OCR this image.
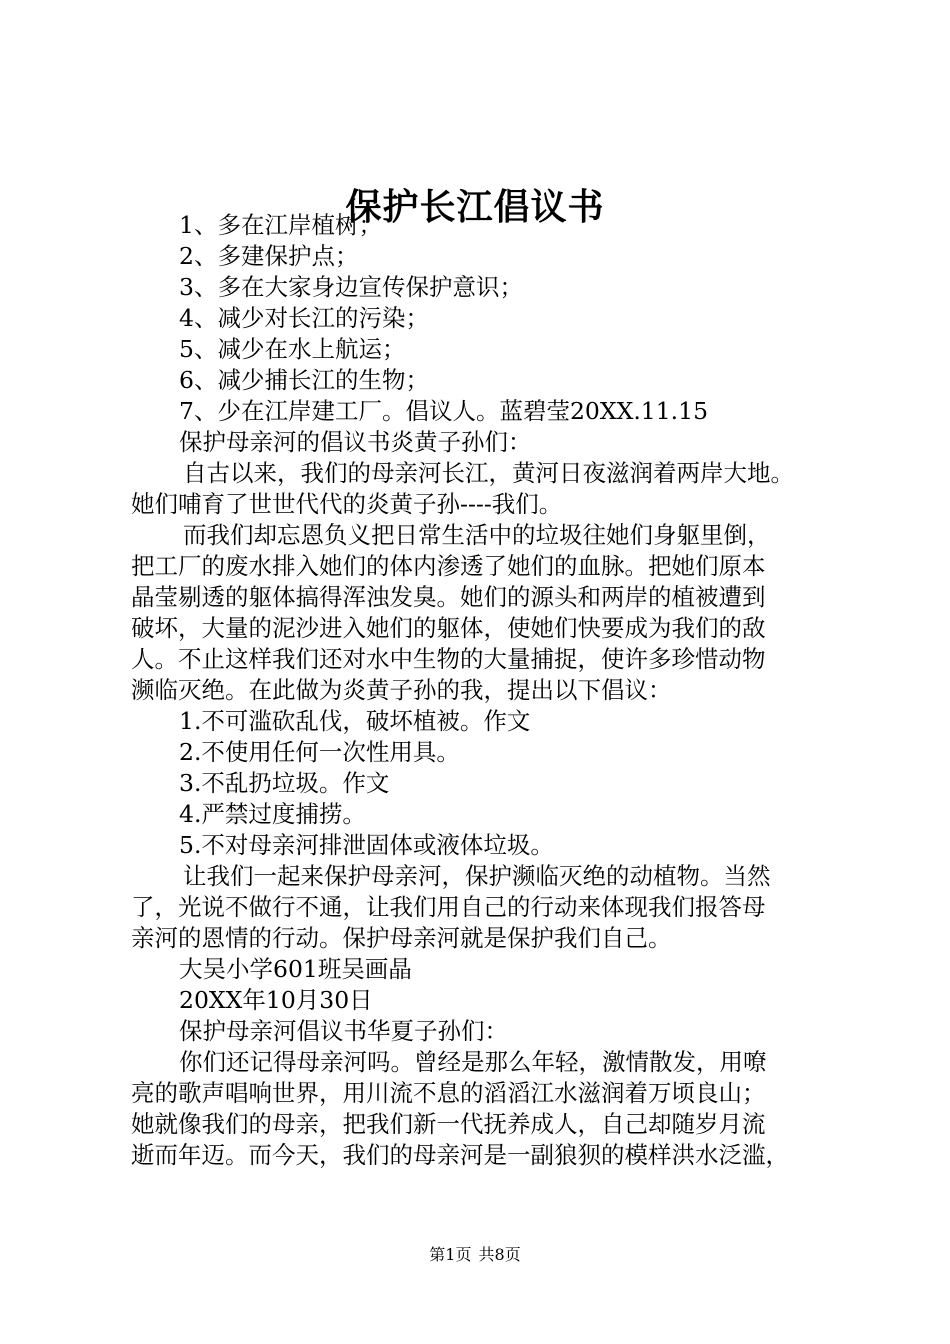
保护长江倡议书
1、多在江岸植树；
2、多建保护点；
3、多在大家身边宣传保护意识；
4、减少对长江的污染；
5、减少在水上航运；
6、减少捕长江的生物；
7、少在江岸建工厂。倡议人。蓝碧莹20XX.11.15
保护母亲河的倡议书炎黄子孙们：
自古以来，我们的母亲河长江，黄河日夜滋润着两岸大地。
她们哺育了世世代代的炎黄子孙----我们。
而我们却忘恩负义把日常生活中的垃圾往她们身躯里倒，
把工厂的废水排入她们的体内渗透了她们的血脉。把她们原本
晶莹剔透的躯体搞得浑浊发臭。她们的源头和两岸的植被遭到
破坏，大量的泥沙进入她们的躯体，使她们快要成为我们的敌
人。不止这样我们还对水中生物的大量捕捉，使许多珍惜动物
濒临灭绝。在此做为炎黄子孙的我，提出以下倡议：
1.不可滥砍乱伐，破坏植被。作文
2.不使用任何一次性用具。
3.不乱扔垃圾。作文
4.严禁过度捕捞。
5.不对母亲河排泄固体或液体垃圾。
让我们一起来保护母亲河，保护濒临灭绝的动植物。当然
了，光说不做行不通，让我们用自己的行动来体现我们报答母
亲河的恩情的行动。保护母亲河就是保护我们自己。
大吴小学601班吴画晶
20XX年10月30日
保护母亲河倡议书华夏子孙们：
你们还记得母亲河吗。曾经是那么年轻，激情散发，用嘹
亮的歌声唱响世界，用川流不息的滔滔江水滋润着万顷良山；
她就像我们的母亲，把我们新一代抚养成人，自己却随岁月流
逝而年迈。而今天，我们的母亲河是一副狼狈的模样洪水泛滥，
第1页 共8页
